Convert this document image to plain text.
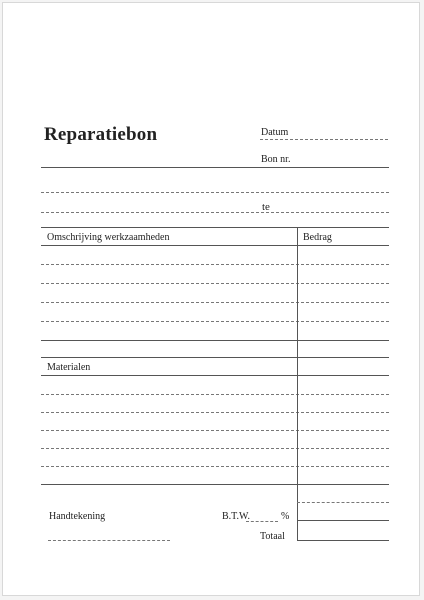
Reparatiebon	Datum
Bon nr.
te
Omschrijving werkzaamheden	Bedrag
Materialen
Handtekening	B.T.W.	%
Totaal
